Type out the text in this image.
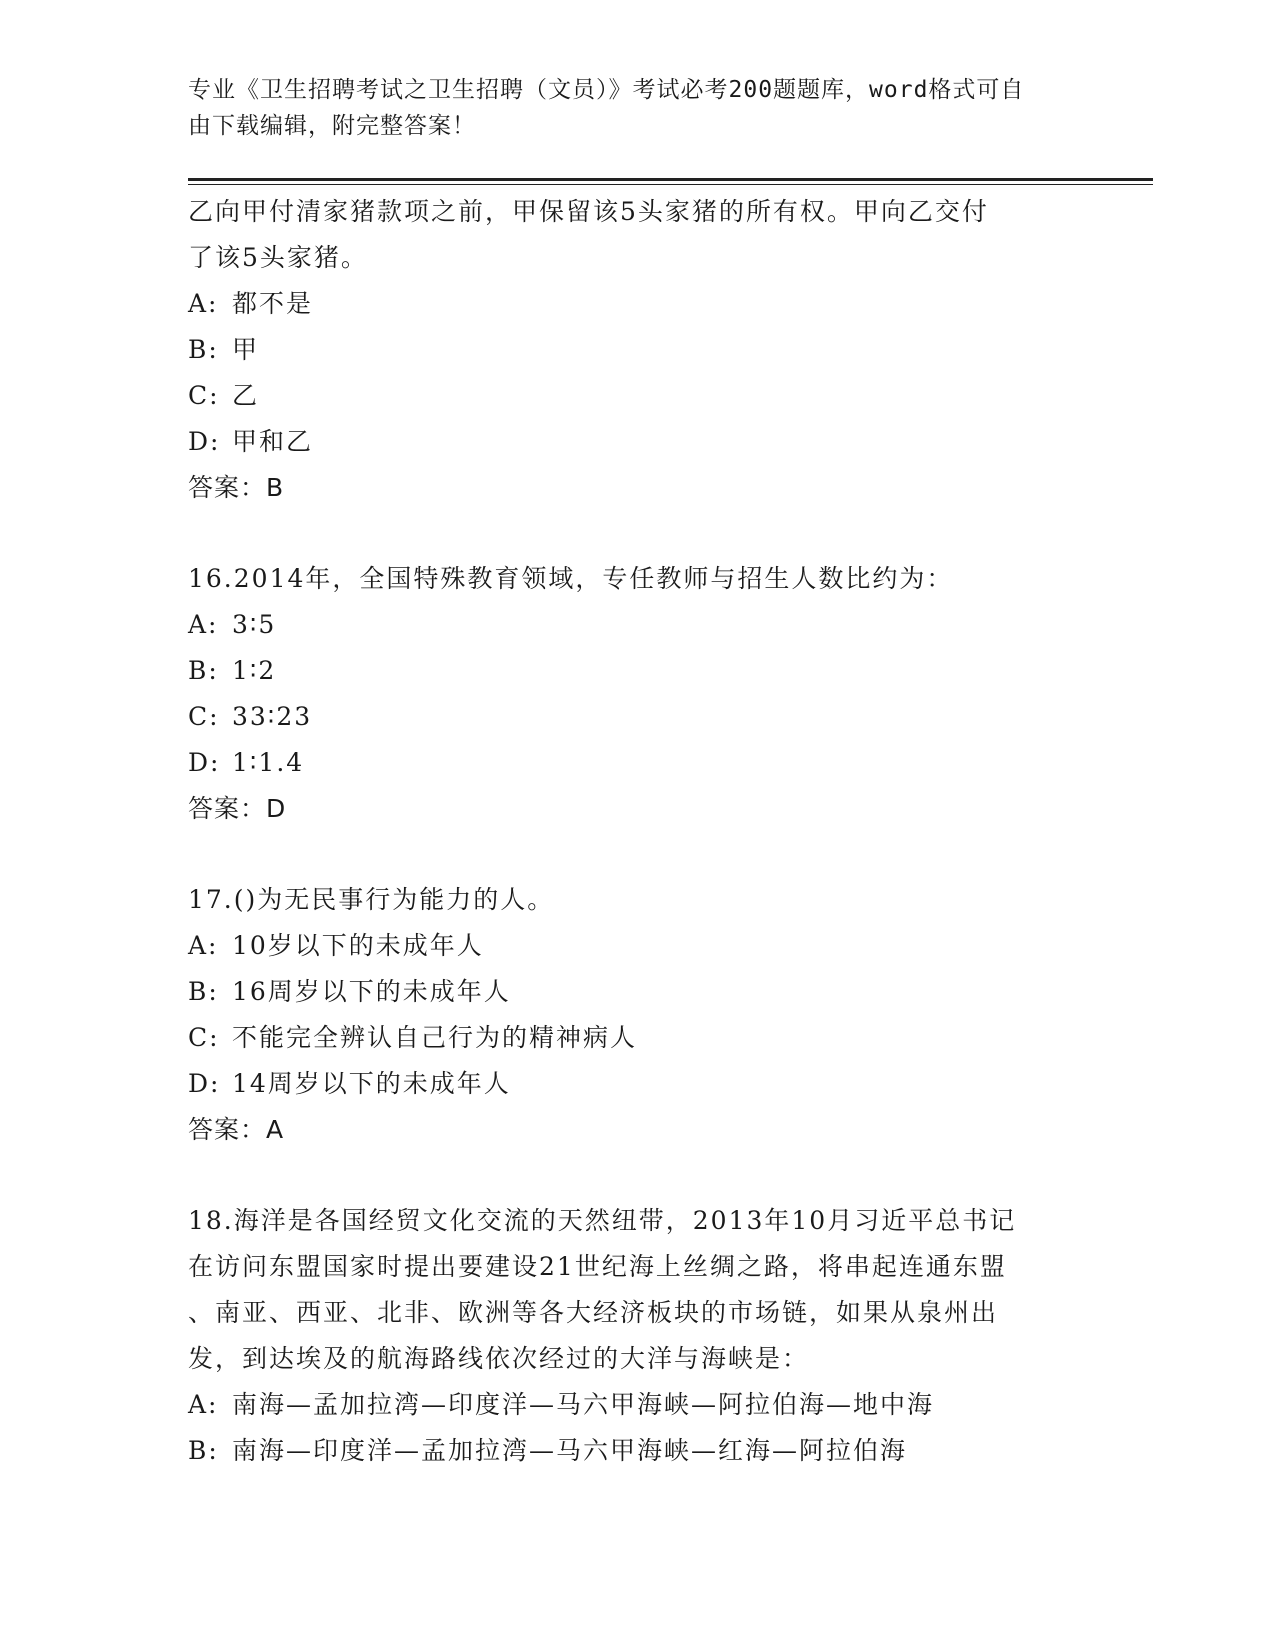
专业《卫生招聘考试之卫生招聘（文员）》考试必考200题题库，word格式可自
由下载编辑，附完整答案！
乙向甲付清家猪款项之前，甲保留该5头家猪的所有权。甲向乙交付
了该5头家猪。
A: 都不是
B: 甲
C: 乙
D: 甲和乙
答案：B
16.2014年，全国特殊教育领域，专任教师与招生人数比约为：
A: 3∶5
B: 1∶2
C: 33∶23
D: 1∶1.4
答案：D
17.()为无民事行为能力的人。
A: 10岁以下的未成年人
B: 16周岁以下的未成年人
C: 不能完全辨认自己行为的精神病人
D: 14周岁以下的未成年人
答案：A
18.海洋是各国经贸文化交流的天然纽带，2013年10月习近平总书记
在访问东盟国家时提出要建设21世纪海上丝绸之路，将串起连通东盟
、南亚、西亚、北非、欧洲等各大经济板块的市场链，如果从泉州出
发，到达埃及的航海路线依次经过的大洋与海峡是：
A: 南海—孟加拉湾—印度洋—马六甲海峡—阿拉伯海—地中海
B: 南海—印度洋—孟加拉湾—马六甲海峡—红海—阿拉伯海
